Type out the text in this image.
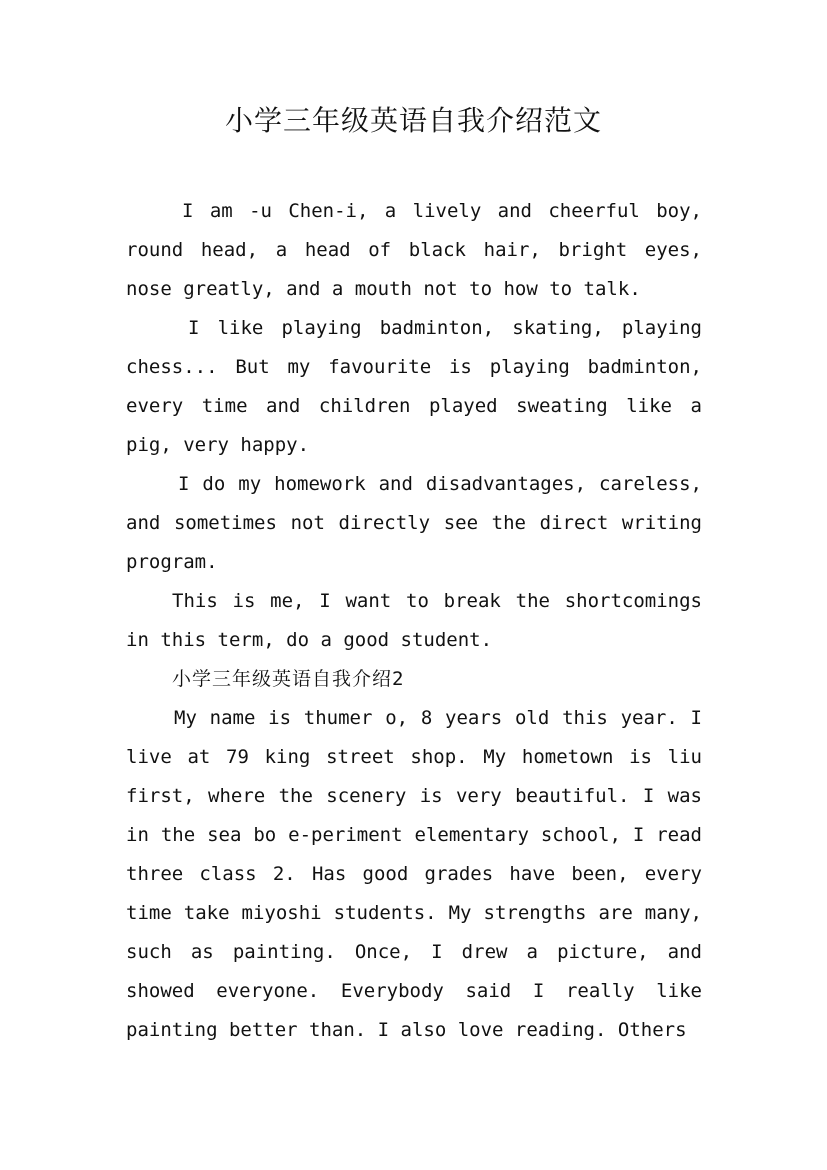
小学三年级英语自我介绍范文

I am -u Chen-i, a lively and cheerful boy, round head, a head of black hair, bright eyes, nose greatly, and a mouth not to how to talk.

I like playing badminton, skating, playing chess... But my favourite is playing badminton, every time and children played sweating like a pig, very happy.

I do my homework and disadvantages, careless, and sometimes not directly see the direct writing program.

This is me, I want to break the shortcomings in this term, do a good student.

小学三年级英语自我介绍2

My name is thumer o, 8 years old this year. I live at 79 king street shop. My hometown is liu first, where the scenery is very beautiful. I was in the sea bo e-periment elementary school, I read three class 2. Has good grades have been, every time take miyoshi students. My strengths are many, such as painting. Once, I drew a picture, and showed everyone. Everybody said I really like painting better than. I also love reading. Others
